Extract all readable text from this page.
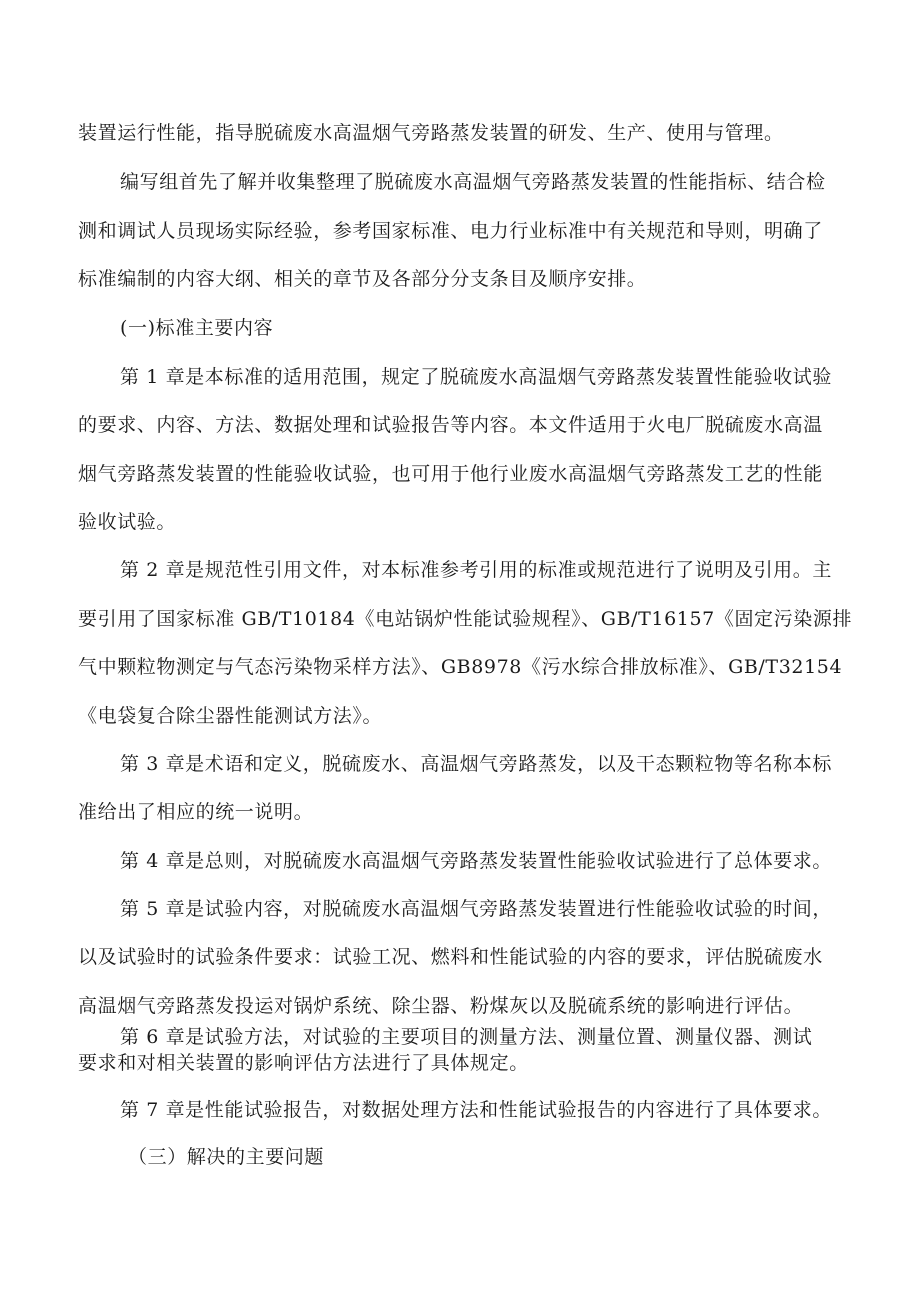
装置运行性能，指导脱硫废水高温烟气旁路蒸发装置的研发、生产、使用与管理。

编写组首先了解并收集整理了脱硫废水高温烟气旁路蒸发装置的性能指标、结合检

测和调试人员现场实际经验，参考国家标准、电力行业标准中有关规范和导则，明确了

标准编制的内容大纲、相关的章节及各部分分支条目及顺序安排。

(一)标准主要内容

第 1 章是本标准的适用范围，规定了脱硫废水高温烟气旁路蒸发装置性能验收试验

的要求、内容、方法、数据处理和试验报告等内容。本文件适用于火电厂脱硫废水高温

烟气旁路蒸发装置的性能验收试验，也可用于他行业废水高温烟气旁路蒸发工艺的性能

验收试验。

第 2 章是规范性引用文件，对本标准参考引用的标准或规范进行了说明及引用。主

要引用了国家标准 GB/T10184《电站锅炉性能试验规程》、GB/T16157《固定污染源排

气中颗粒物测定与气态污染物采样方法》、GB8978《污水综合排放标准》、GB/T32154

《电袋复合除尘器性能测试方法》。

第 3 章是术语和定义，脱硫废水、高温烟气旁路蒸发，以及干态颗粒物等名称本标

准给出了相应的统一说明。

第 4 章是总则，对脱硫废水高温烟气旁路蒸发装置性能验收试验进行了总体要求。

第 5 章是试验内容，对脱硫废水高温烟气旁路蒸发装置进行性能验收试验的时间，

以及试验时的试验条件要求：试验工况、燃料和性能试验的内容的要求，评估脱硫废水

高温烟气旁路蒸发投运对锅炉系统、除尘器、粉煤灰以及脱硫系统的影响进行评估。

第 6 章是试验方法，对试验的主要项目的测量方法、测量位置、测量仪器、测试

要求和对相关装置的影响评估方法进行了具体规定。

第 7 章是性能试验报告，对数据处理方法和性能试验报告的内容进行了具体要求。

（三）解决的主要问题
